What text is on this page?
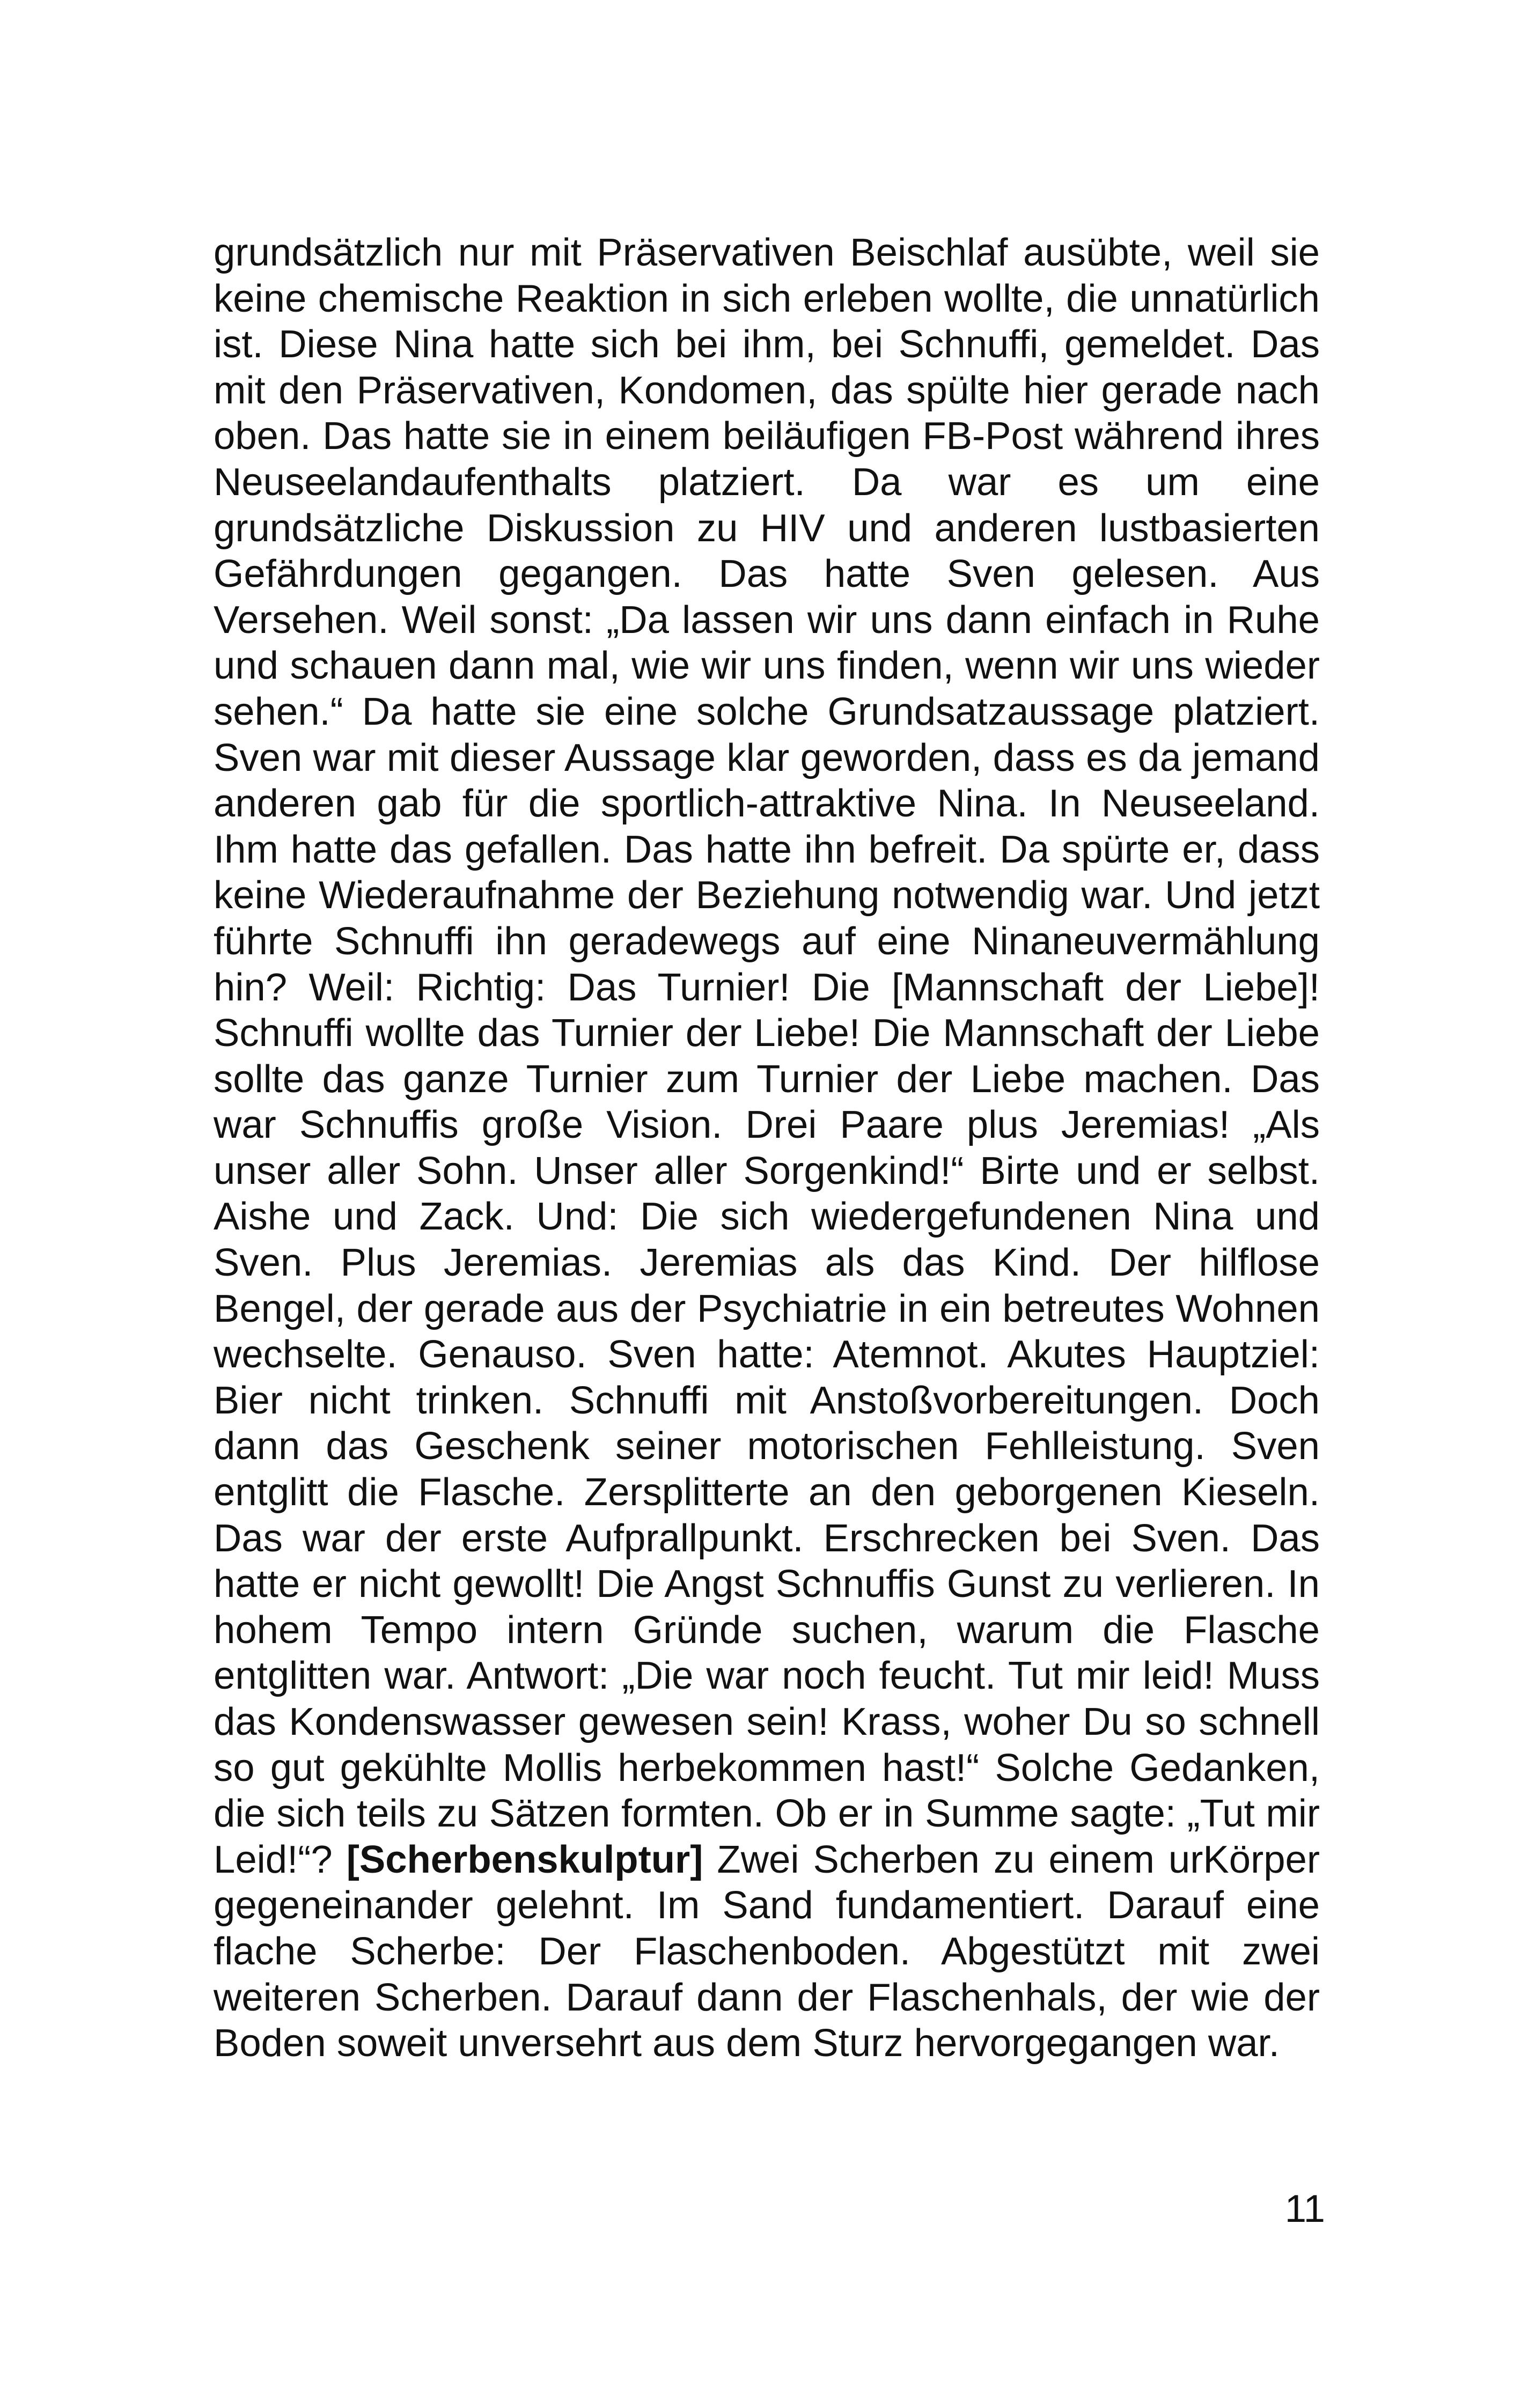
grundsätzlich nur mit Präservativen Beischlaf ausübte, weil sie keine chemische Reaktion in sich erleben wollte, die unnatürlich ist. Diese Nina hatte sich bei ihm, bei Schnuffi, gemeldet. Das mit den Präservativen, Kondomen, das spülte hier gerade nach oben. Das hatte sie in einem beiläufigen FB-Post während ihres Neuseelandaufenthalts platziert. Da war es um eine grundsätzliche Diskussion zu HIV und anderen lustbasierten Gefährdungen gegangen. Das hatte Sven gelesen. Aus Versehen. Weil sonst: „Da lassen wir uns dann einfach in Ruhe und schauen dann mal, wie wir uns finden, wenn wir uns wieder sehen.“ Da hatte sie eine solche Grundsatzaussage platziert. Sven war mit dieser Aussage klar geworden, dass es da jemand anderen gab für die sportlich-attraktive Nina. In Neuseeland. Ihm hatte das gefallen. Das hatte ihn befreit. Da spürte er, dass keine Wiederaufnahme der Beziehung notwendig war. Und jetzt führte Schnuffi ihn geradewegs auf eine Ninaneuvermählung hin? Weil: Richtig: Das Turnier! Die [Mannschaft der Liebe]! Schnuffi wollte das Turnier der Liebe! Die Mannschaft der Liebe sollte das ganze Turnier zum Turnier der Liebe machen. Das war Schnuffis große Vision. Drei Paare plus Jeremias! „Als unser aller Sohn. Unser aller Sorgenkind!“ Birte und er selbst. Aishe und Zack. Und: Die sich wiedergefundenen Nina und Sven. Plus Jeremias. Jeremias als das Kind. Der hilflose Bengel, der gerade aus der Psychiatrie in ein betreutes Wohnen wechselte. Genauso. Sven hatte: Atemnot. Akutes Hauptziel: Bier nicht trinken. Schnuffi mit Anstoßvorbereitungen. Doch dann das Geschenk seiner motorischen Fehlleistung. Sven entglitt die Flasche. Zersplitterte an den geborgenen Kieseln. Das war der erste Aufprallpunkt. Erschrecken bei Sven. Das hatte er nicht gewollt! Die Angst Schnuffis Gunst zu verlieren. In hohem Tempo intern Gründe suchen, warum die Flasche entglitten war. Antwort: „Die war noch feucht. Tut mir leid! Muss das Kondenswasser gewesen sein! Krass, woher Du so schnell so gut gekühlte Mollis herbekommen hast!“ Solche Gedanken, die sich teils zu Sätzen formten. Ob er in Summe sagte: „Tut mir Leid!“? [Scherbenskulptur] Zwei Scherben zu einem urKörper gegeneinander gelehnt. Im Sand fundamentiert. Darauf eine flache Scherbe: Der Flaschenboden. Abgestützt mit zwei weiteren Scherben. Darauf dann der Flaschenhals, der wie der Boden soweit unversehrt aus dem Sturz hervorgegangen war.

11
